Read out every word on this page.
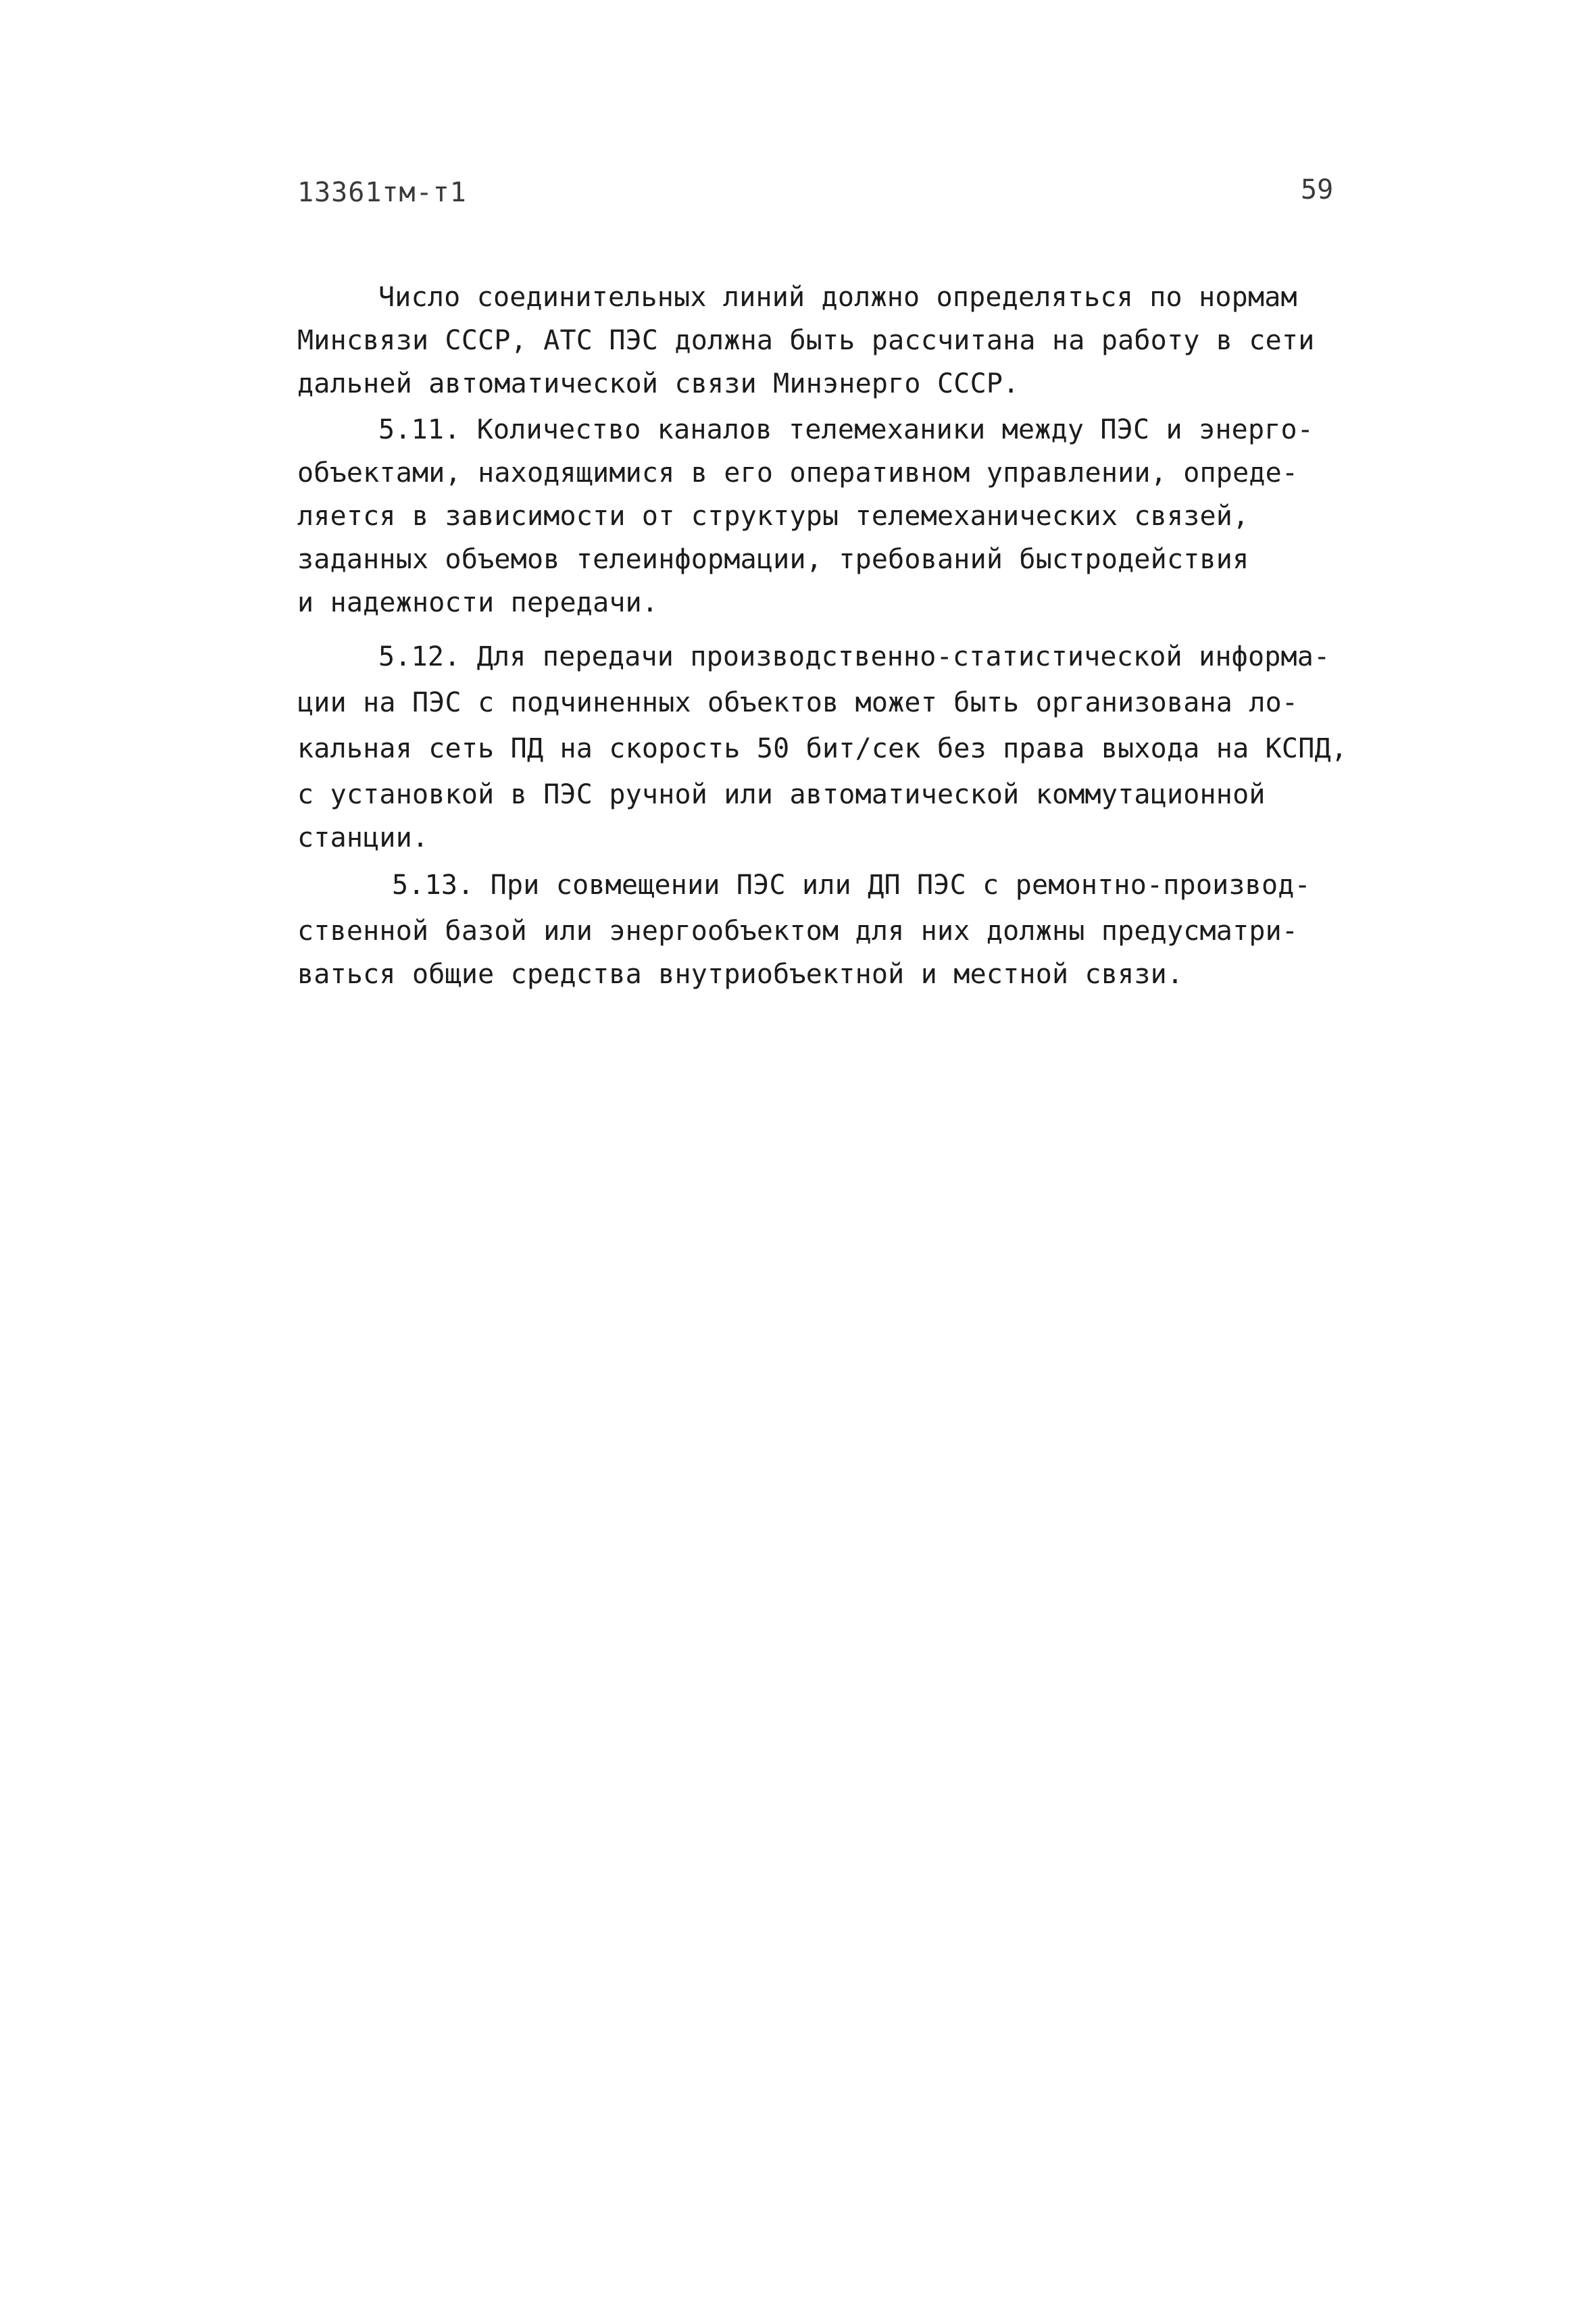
13361тм-т1	59
Число соединительных линий должно определяться по нормам
Минсвязи СССР, АТС ПЭС должна быть рассчитана на работу в сети
дальней автоматической связи Минэнерго СССР.
5.11. Количество каналов телемеханики между ПЭС и энерго-
объектами, находящимися в его оперативном управлении, опреде-
ляется в зависимости от структуры телемеханических связей,
заданных объемов телеинформации, требований быстродействия
и надежности передачи.
5.12. Для передачи производственно-статистической информа-
ции на ПЭС с подчиненных объектов может быть организована ло-
кальная сеть ПД на скорость 50 бит/сек без права выхода на КСПД,
с установкой в ПЭС ручной или автоматической коммутационной
станции.
5.13. При совмещении ПЭС или ДП ПЭС с ремонтно-производ-
ственной базой или энергообъектом для них должны предусматри-
ваться общие средства внутриобъектной и местной связи.
